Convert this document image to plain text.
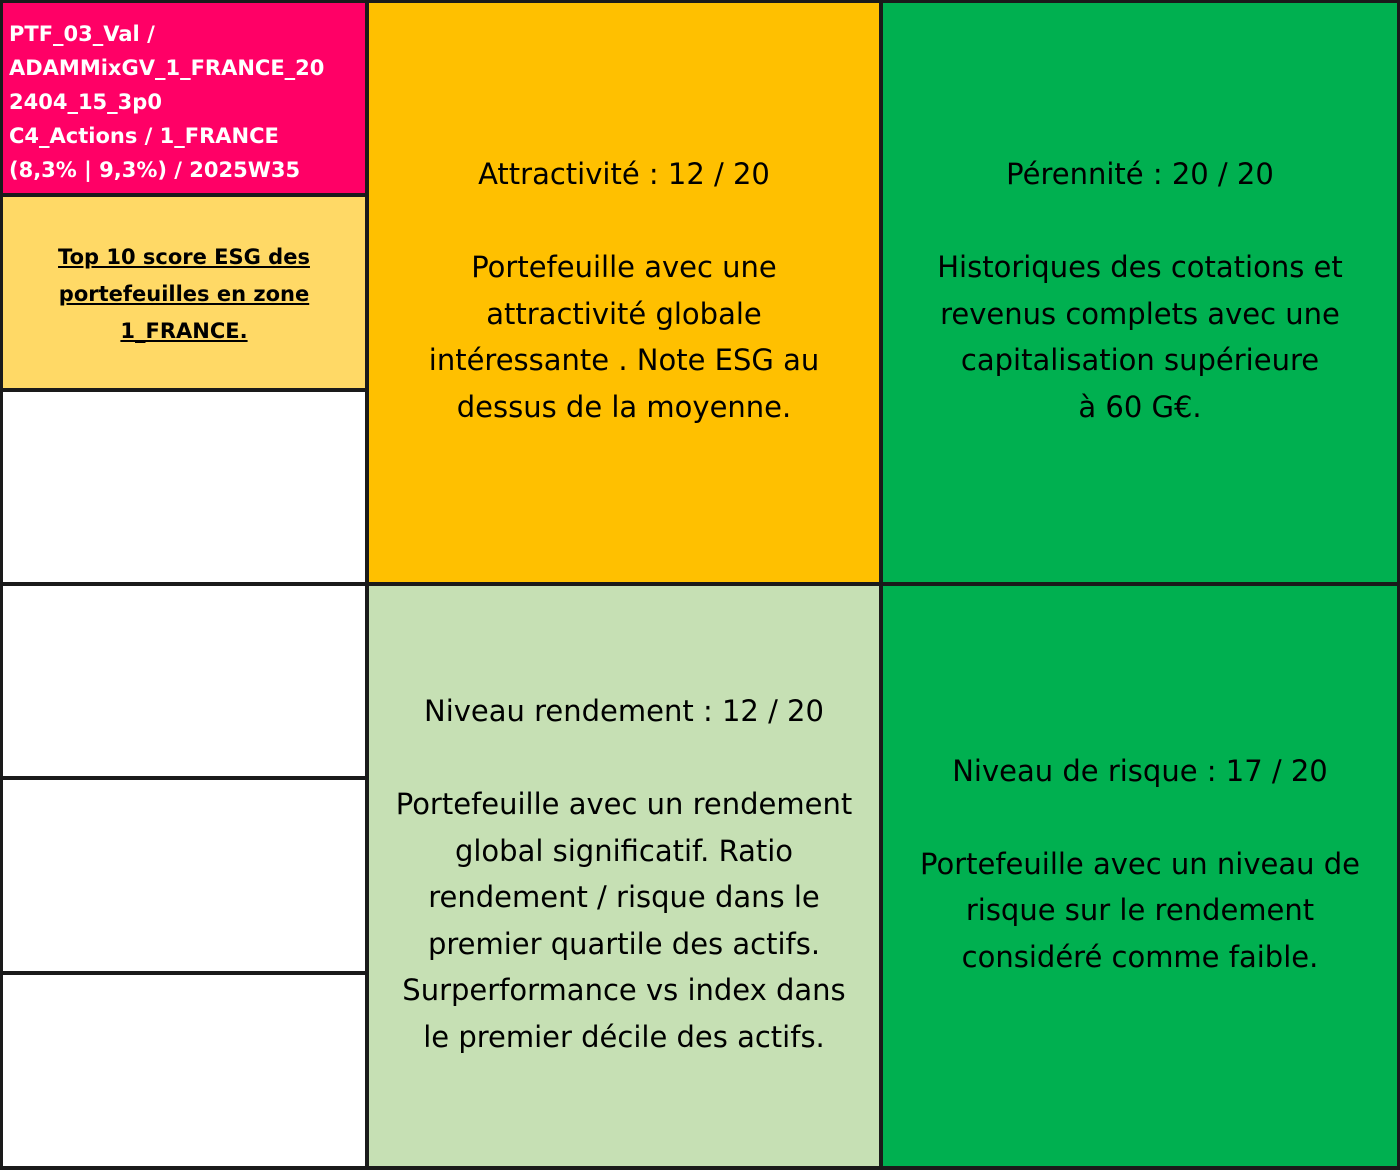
PTF_03_Val /
ADAMMixGV_1_FRANCE_20
2404_15_3p0
C4_Actions / 1_FRANCE
(8,3% | 9,3%) / 2025W35
Top 10 score ESG des
portefeuilles en zone
1_FRANCE.
Attractivité : 12 / 20
Portefeuille avec une
attractivité globale
intéressante . Note ESG au
dessus de la moyenne.
Pérennité : 20 / 20
Historiques des cotations et
revenus complets avec une
capitalisation supérieure
à 60 G€.
Niveau rendement : 12 / 20
Portefeuille avec un rendement
global significatif. Ratio
rendement / risque dans le
premier quartile des actifs.
Surperformance vs index dans
le premier décile des actifs.
Niveau de risque : 17 / 20
Portefeuille avec un niveau de
risque sur le rendement
considéré comme faible.
